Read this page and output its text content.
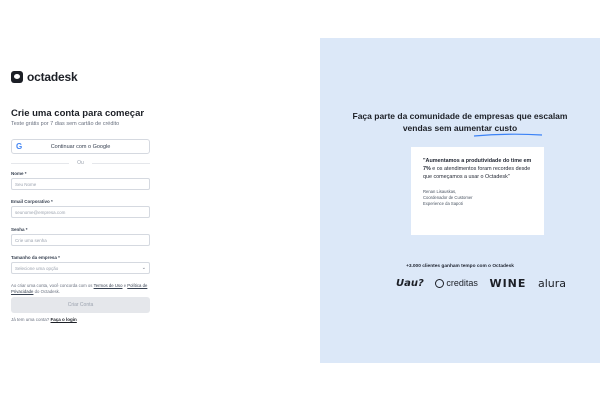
octadesk
Crie uma conta para começar
Teste grátis por 7 dias sem cartão de crédito
G	Continuar com o Google
Ou
Nome *
Seu Nome
Email Corporativo *
seunome@empresa.com
Senha *
Crie uma senha
Tamanho da empresa *
Selecione uma opção	⌄
Ao criar uma conta, você concorda com os Termos de Uso e Política de Privacidade do Octadesk.
Criar Conta
Já tem uma conta? Faça o login
Faça parte da comunidade de empresas que escalam
vendas sem aumentar custo
"Aumentamos a produtividade do time em 7% e os atendimentos foram recordes desde que começamos a usar o Octadesk"
Renan Lisauskas,
Coordenador de Customer
Experience da Sapoti
+3.000 clientes ganham tempo com o Octadesk
Uau?	creditas WINE alura
